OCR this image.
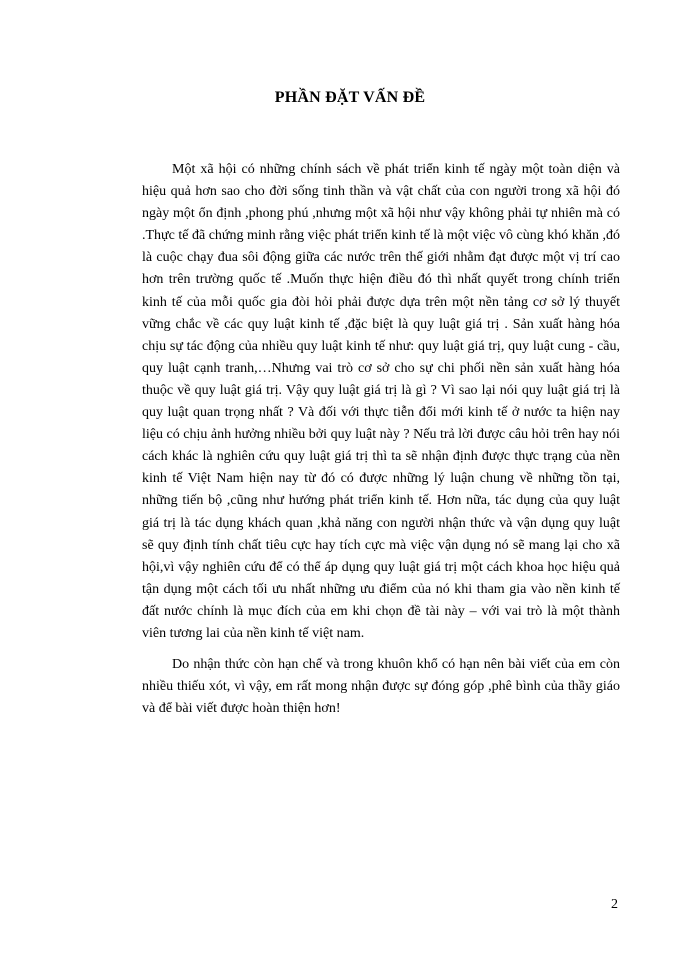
PHẦN ĐẶT VẤN ĐỀ

Một xã hội có những chính sách về phát triển kinh tế ngày một toàn diện và hiệu quả hơn sao cho đời sống tinh thần và vật chất của con người trong xã hội đó ngày một ổn định ,phong phú ,nhưng một xã hội như vậy không phải tự nhiên mà có .Thực tế đã chứng minh rằng việc phát triển kinh tế là một việc vô cùng khó khăn ,đó là cuộc chạy đua sôi động giữa các nước trên thế giới nhằm đạt được một vị trí cao hơn trên trường quốc tế .Muốn thực hiện điều đó thì nhất quyết trong chính triển kinh tế của mỗi quốc gia đòi hỏi phải được dựa trên một nền tảng cơ sở lý thuyết vững chắc về các quy luật kinh tế ,đặc biệt là quy luật giá trị . Sản xuất hàng hóa chịu sự tác động của nhiều quy luật kinh tế như: quy luật giá trị, quy luật cung - cầu, quy luật cạnh tranh,…Nhưng vai trò cơ sở cho sự chi phối nền sản xuất hàng hóa thuộc về quy luật giá trị. Vậy quy luật giá trị là gì ? Vì sao lại nói quy luật giá trị là quy luật quan trọng nhất ? Và đối với thực tiễn đổi mới kinh tế ở nước ta hiện nay liệu có chịu ảnh hưởng nhiều bởi quy luật này ? Nếu trả lời được câu hỏi trên hay nói cách khác là nghiên cứu quy luật giá trị thì ta sẽ nhận định được thực trạng của nền kinh tế Việt Nam hiện nay từ đó có được những lý luận chung về những tồn tại, những tiến bộ ,cũng như hướng phát triển kinh tế. Hơn nữa, tác dụng của quy luật giá trị là tác dụng khách quan ,khả năng con người nhận thức và vận dụng quy luật sẽ quy định tính chất tiêu cực hay tích cực mà việc vận dụng nó sẽ mang lại cho xã hội,vì vậy nghiên cứu để có thể áp dụng quy luật giá trị một cách khoa học hiệu quả tận dụng một cách tối ưu nhất những ưu điểm của nó khi tham gia vào nền kinh tế đất nước chính là mục đích của em khi chọn đề tài này – với vai trò là một thành viên tương lai của nền kinh tế việt nam.

Do nhận thức còn hạn chế và trong khuôn khổ có hạn nên bài viết của em còn nhiều thiếu xót, vì vậy, em rất mong nhận được sự đóng góp ,phê bình của thầy giáo và để bài viết được hoàn thiện hơn!

2
